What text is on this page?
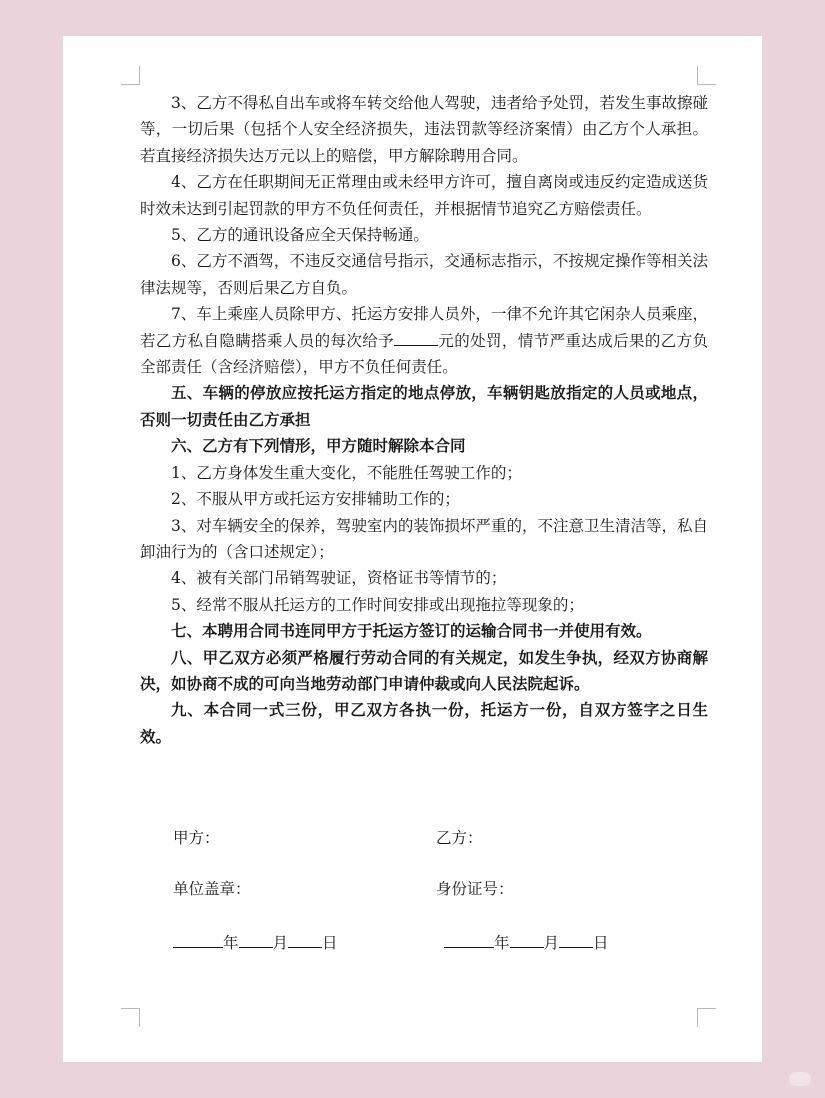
3、乙方不得私自出车或将车转交给他人驾驶，违者给予处罚，若发生事故擦碰等，一切后果（包括个人安全经济损失，违法罚款等经济案情）由乙方个人承担。若直接经济损失达万元以上的赔偿，甲方解除聘用合同。

4、乙方在任职期间无正常理由或未经甲方许可，擅自离岗或违反约定造成送货时效未达到引起罚款的甲方不负任何责任，并根据情节追究乙方赔偿责任。

5、乙方的通讯设备应全天保持畅通。

6、乙方不酒驾，不违反交通信号指示，交通标志指示，不按规定操作等相关法律法规等，否则后果乙方自负。

7、车上乘座人员除甲方、托运方安排人员外，一律不允许其它闲杂人员乘座，若乙方私自隐瞒搭乘人员的每次给予	元的处罚，情节严重达成后果的乙方负全部责任（含经济赔偿），甲方不负任何责任。

五、车辆的停放应按托运方指定的地点停放，车辆钥匙放指定的人员或地点，否则一切责任由乙方承担

六、乙方有下列情形，甲方随时解除本合同

1、乙方身体发生重大变化，不能胜任驾驶工作的；

2、不服从甲方或托运方安排辅助工作的；

3、对车辆安全的保养，驾驶室内的装饰损坏严重的，不注意卫生清洁等，私自卸油行为的（含口述规定）；

4、被有关部门吊销驾驶证，资格证书等情节的；

5、经常不服从托运方的工作时间安排或出现拖拉等现象的；

七、本聘用合同书连同甲方于托运方签订的运输合同书一并使用有效。

八、甲乙双方必须严格履行劳动合同的有关规定，如发生争执，经双方协商解决，如协商不成的可向当地劳动部门申请仲裁或向人民法院起诉。

九、本合同一式三份，甲乙双方各执一份，托运方一份，自双方签字之日生效。

甲方：	乙方：
单位盖章：	身份证号：
年 月 日	年 月 日
